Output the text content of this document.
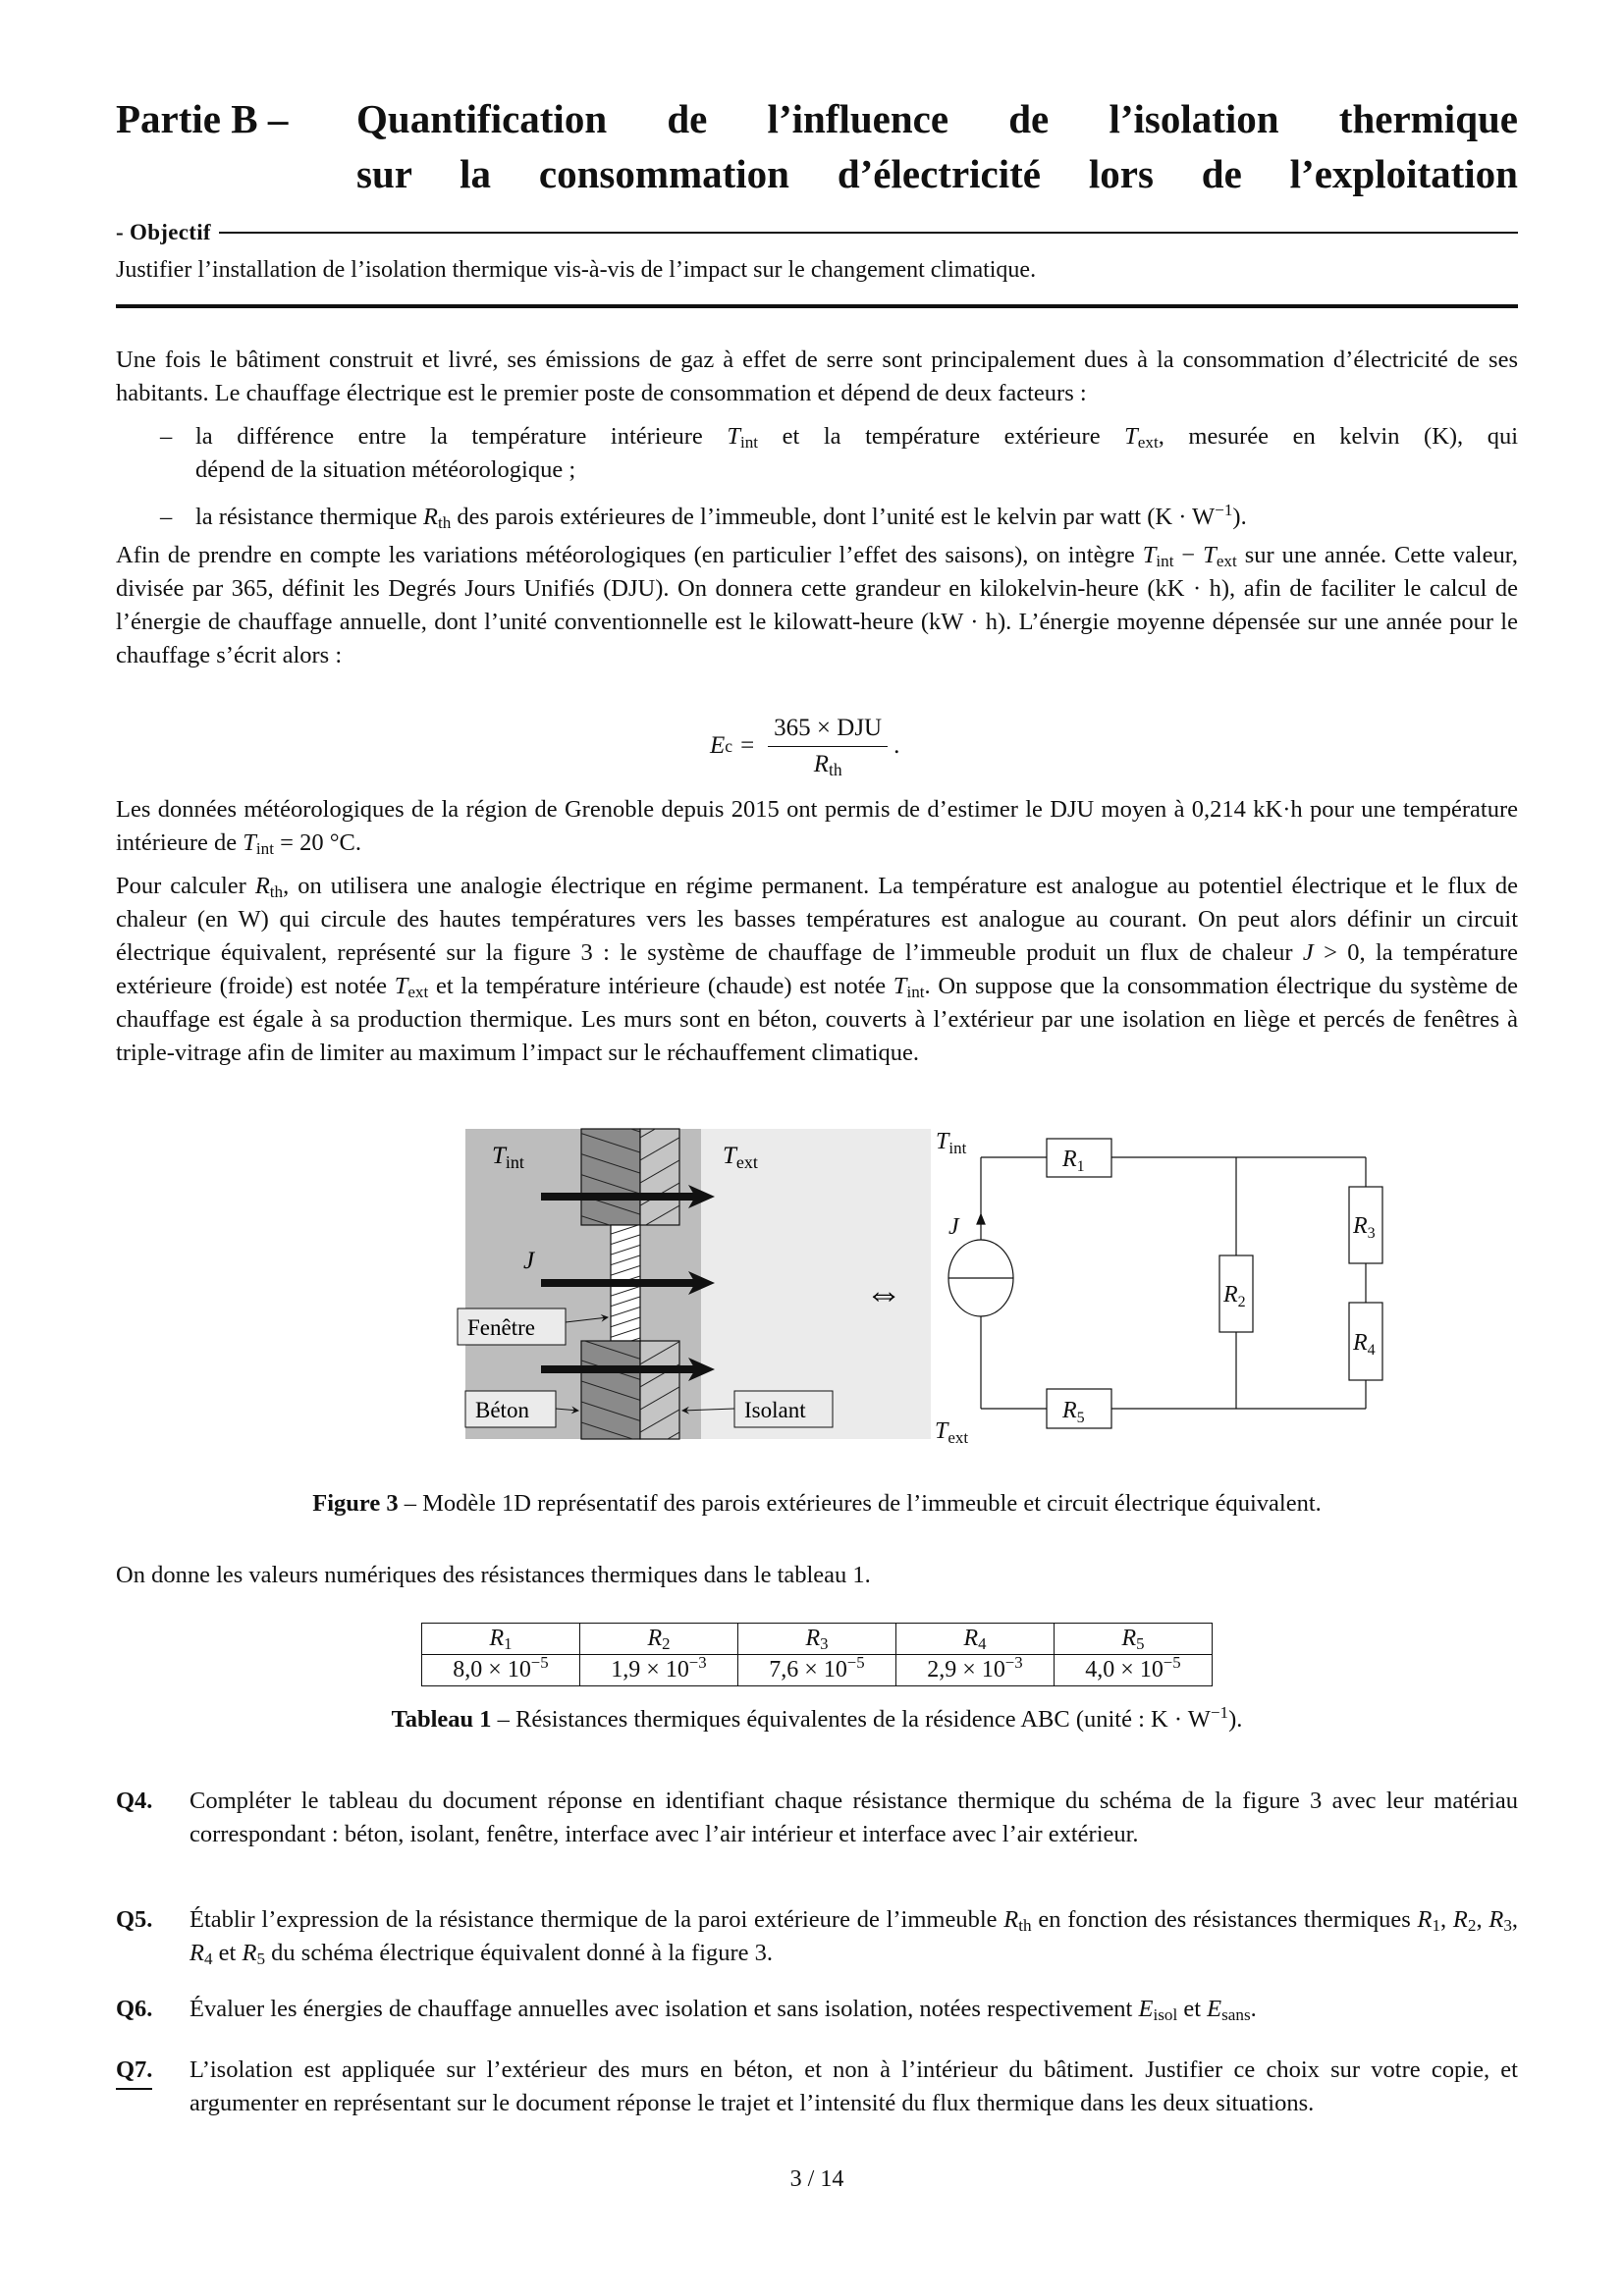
Partie B – Quantification de l’influence de l’isolation thermique
sur la consommation d’électricité lors de l’exploitation
- Objectif
Justifier l’installation de l’isolation thermique vis-à-vis de l’impact sur le changement climatique.

Une fois le bâtiment construit et livré, ses émissions de gaz à effet de serre sont principalement dues à la consommation d’électricité de ses habitants. Le chauffage électrique est le premier poste de consommation et dépend de deux facteurs :

– la différence entre la température intérieure $T_{int}$ et la température extérieure $T_{ext}$, mesurée en kelvin (K), qui
dépend de la situation météorologique ;
– la résistance thermique $R_{th}$ des parois extérieures de l’immeuble, dont l’unité est le kelvin par watt $(K \cdot W^{-1})$.

Afin de prendre en compte les variations météorologiques (en particulier l’effet des saisons), on intègre $T_{int} - T_{ext}$ sur une année. Cette valeur, divisée par 365, définit les Degrés Jours Unifiés (DJU). On donnera cette grandeur en kilokelvin-heure (kK · h), afin de faciliter le calcul de l’énergie de chauffage annuelle, dont l’unité conventionnelle est le kilowatt-heure (kW · h). L’énergie moyenne dépensée sur une année pour le chauffage s’écrit alors :

E $c = \frac{\text{365 × DJU}}{R_{th}}$ .

Les données météorologiques de la région de Grenoble depuis 2015 ont permis de d’estimer le DJU moyen à 0,214 kK·h pour une température intérieure de $T_{int} = 20$ °C.

Pour calculer $R_{th}$, on utilisera une analogie électrique en régime permanent. La température est analogue au potentiel électrique et le flux de chaleur (en W) qui circule des hautes températures vers les basses températures est analogue au courant. On peut alors définir un circuit électrique équivalent, représenté sur la figure 3 : le système de chauffage de l’immeuble produit un flux de chaleur J > 0, la température extérieure (froide) est notée $T_{ext}$ et la température intérieure (chaude) est notée $T_{int}$. On suppose que la consommation électrique du système de chauffage est égale à sa production thermique. Les murs sont en béton, couverts à l’extérieur par une isolation en liège et percés de fenêtres à triple-vitrage afin de limiter au maximum l’impact sur le réchauffement climatique.

$T_{int}$	$T_{ext}$
J
Fenêtre
Béton	Isolant
⇔
$T_{int}$
$T_{ext}$
J
$R_1$
$R_2$
$R_3$
$R_4$
$R_5$
Figure 3 – Modèle 1D représentatif des parois extérieures de l’immeuble et circuit électrique équivalent.

On donne les valeurs numériques des résistances thermiques dans le tableau 1.

$R_1$	$R_2$	$R_3$	$R_4$	$R_5$
$8,0 \times 10^{-5}$	$1,9 \times 10^{-3}$	$7,6 \times 10^{-5}$	$2,9 \times 10^{-3}$	$4,0 \times 10^{-5}$
Tableau 1 – Résistances thermiques équivalentes de la résidence ABC (unité : $K \cdot W^{-1}$).
Q4. Compléter le tableau du document réponse en identifiant chaque résistance thermique du schéma de la figure 3 avec leur matériau correspondant : béton, isolant, fenêtre, interface avec l’air intérieur et interface avec l’air extérieur.
Q5. Établir l’expression de la résistance thermique de la paroi extérieure de l’immeuble $R_{th}$ en fonction des résistances thermiques $R_1$, $R_2$, $R_3$, $R_4$ et $R_5$ du schéma électrique équivalent donné à la figure 3.
Q6. Évaluer les énergies de chauffage annuelles avec isolation et sans isolation, notées respectivement $E_{isol}$ et $E_{sans}$.
Q7. L’isolation est appliquée sur l’extérieur des murs en béton, et non à l’intérieur du bâtiment. Justifier ce choix sur votre copie, et argumenter en représentant sur le document réponse le trajet et l’intensité du flux thermique dans les deux situations.
3 / 14
